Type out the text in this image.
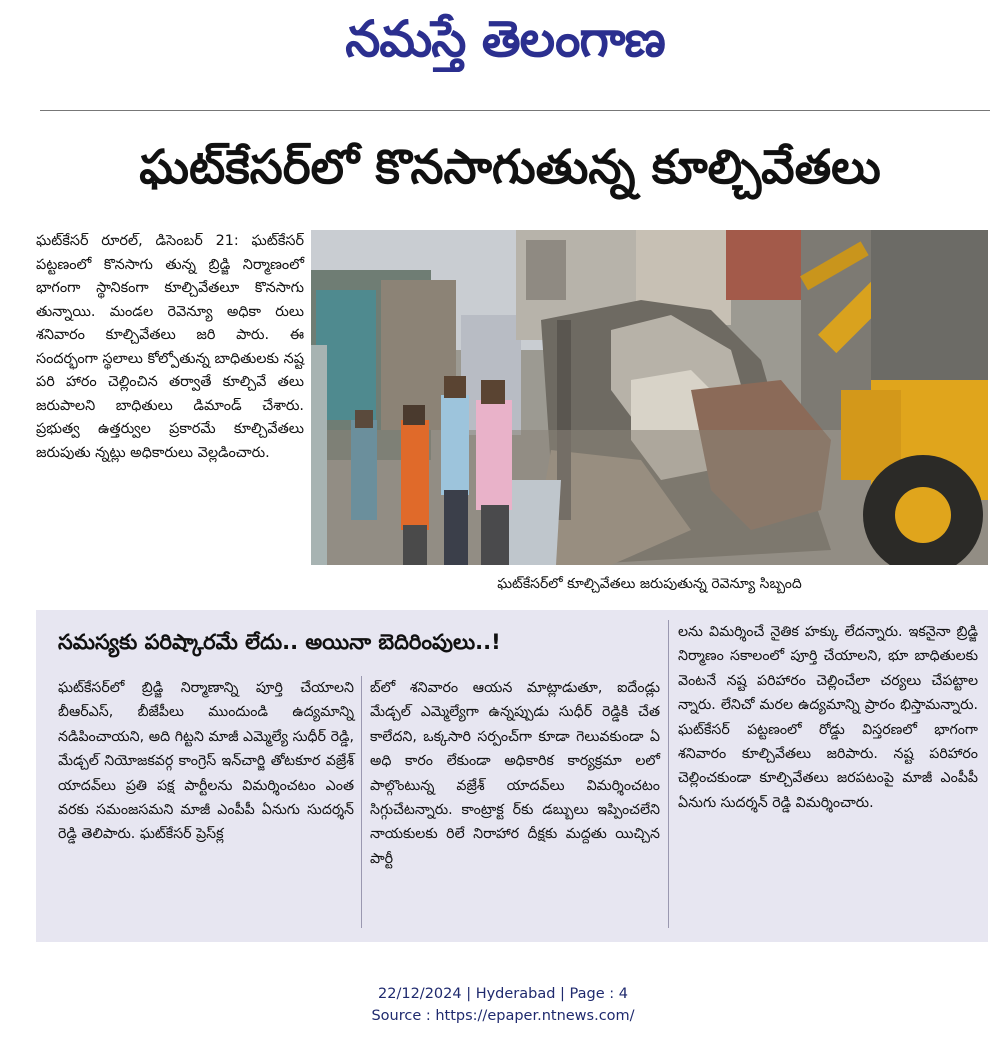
నమస్తే తెలంగాణ
ఘట్‌కేసర్‌లో కొనసాగుతున్న కూల్చివేతలు

ఘట్‌కేసర్ రూరల్, డిసెంబర్ 21: ఘట్‌కేసర్ పట్టణంలో కొనసాగు తున్న బ్రిడ్జి నిర్మాణంలో భాగంగా స్థానికంగా కూల్చివేతలూ కొనసాగు తున్నాయి. మండల రెవెన్యూ అధికా రులు శనివారం కూల్చివేతలు జరి పారు. ఈ సందర్భంగా స్థలాలు కోల్పోతున్న బాధితులకు నష్ట పరి హారం చెల్లించిన తర్వాతే కూల్చివే తలు జరుపాలని బాధితులు డిమాండ్ చేశారు. ప్రభుత్వ ఉత్తర్వుల ప్రకారమే కూల్చివేతలు జరుపుతు న్నట్లు అధికారులు వెల్లడించారు.

ఘట్‌కేసర్‌లో కూల్చివేతలు జరుపుతున్న రెవెన్యూ సిబ్బంది
సమస్యకు పరిష్కారమే లేదు.. అయినా బెదిరింపులు..!

ఘట్‌కేసర్‌లో బ్రిడ్జి నిర్మాణాన్ని పూర్తి చేయాలని బీఆర్‌ఎస్, బీజేపీలు ముందుండి ఉద్యమాన్ని నడిపించాయని, అది గిట్టని మాజీ ఎమ్మెల్యే సుధీర్ రెడ్డి, మేడ్చల్ నియోజకవర్గ కాంగ్రెస్ ఇన్‌చార్జి తోటకూర వజ్రేశ్ యాదవ్‌లు ప్రతి పక్ష పార్టీలను విమర్శించటం ఎంత వరకు సమంజసమని మాజీ ఎంపీపీ ఏనుగు సుదర్శన్ రెడ్డి తెలిపారు. ఘట్‌కేసర్ ప్రెస్‌క్ల

బ్‌లో శనివారం ఆయన మాట్లాడుతూ, ఐదేండ్లు మేడ్చల్ ఎమ్మెల్యేగా ఉన్నప్పుడు సుధీర్ రెడ్డికి చేత కాలేదని, ఒక్కసారి సర్పంచ్‌గా కూడా గెలువకుండా ఏ అధి కారం లేకుండా అధికారిక కార్యక్రమా లలో పాల్గొంటున్న వజ్రేశ్ యాదవ్‌లు విమర్శించటం సిగ్గుచేటన్నారు. కాంట్రాక్ట ర్‌కు డబ్బులు ఇప్పించలేని నాయకులకు రిలే నిరాహార దీక్షకు మద్దతు యిచ్చిన పార్టీ

లను విమర్శించే నైతిక హక్కు లేదన్నారు. ఇకనైనా బ్రిడ్జి నిర్మాణం సకాలంలో పూర్తి చేయాలని, భూ బాధితులకు వెంటనే నష్ట పరిహారం చెల్లించేలా చర్యలు చేపట్టాల న్నారు. లేనిచో మరల ఉద్యమాన్ని ప్రారం భిస్తామన్నారు. ఘట్‌కేసర్ పట్టణంలో రోడ్డు విస్తరణలో భాగంగా శనివారం కూల్చివేతలు జరిపారు. నష్ట పరిహారం చెల్లించకుండా కూల్చివేతలు జరపటంపై మాజీ ఎంపీపీ ఏనుగు సుదర్శన్ రెడ్డి విమర్శించారు.

22/12/2024 | Hyderabad | Page : 4
Source : https://epaper.ntnews.com/
